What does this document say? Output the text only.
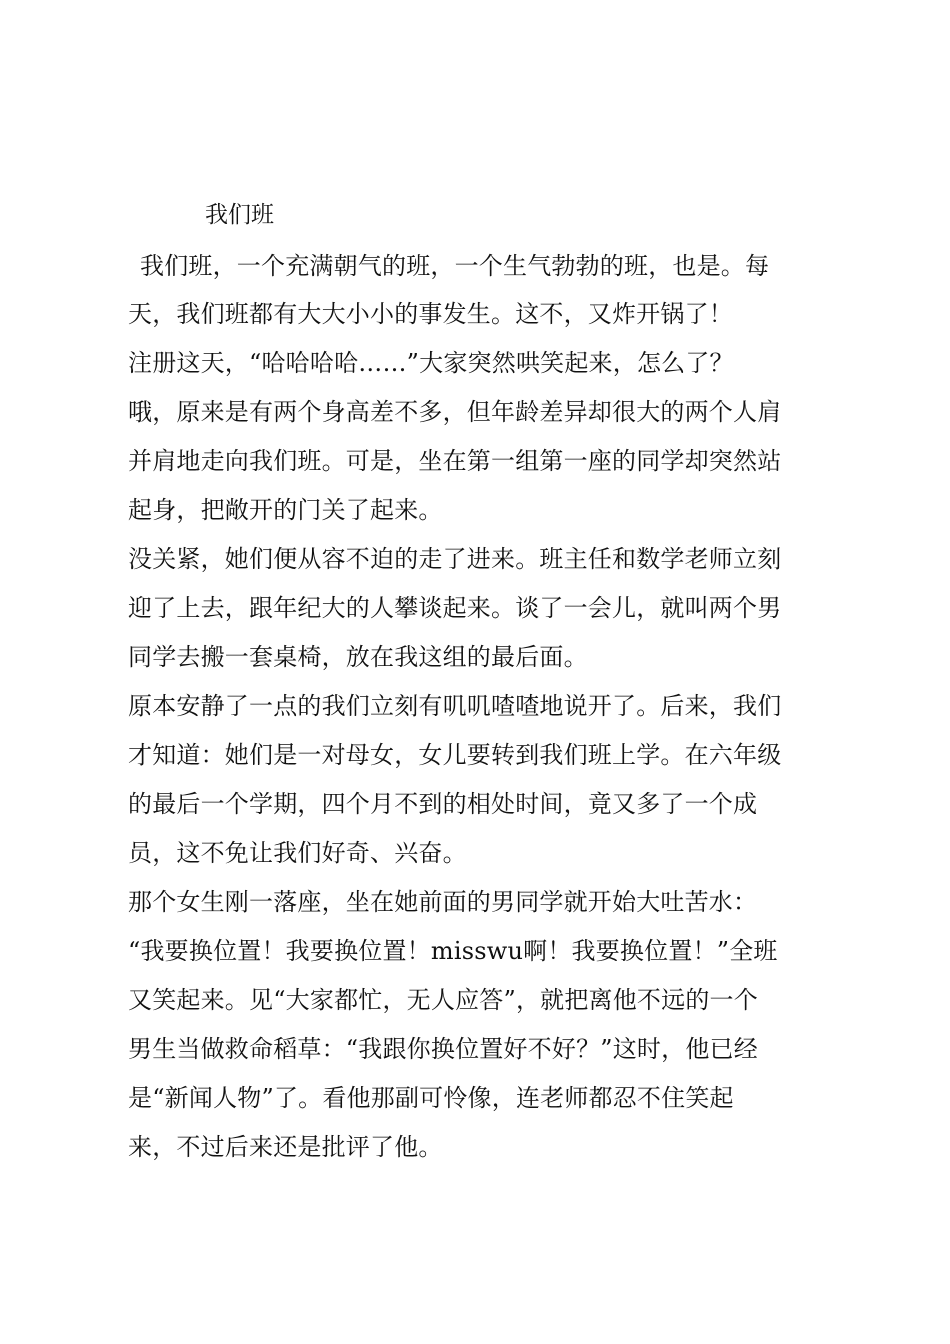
我们班
我们班，一个充满朝气的班，一个生气勃勃的班，也是。每
天，我们班都有大大小小的事发生。这不，又炸开锅了！
注册这天，“哈哈哈哈……”大家突然哄笑起来，怎么了？
哦，原来是有两个身高差不多，但年龄差异却很大的两个人肩
并肩地走向我们班。可是，坐在第一组第一座的同学却突然站
起身，把敞开的门关了起来。
没关紧，她们便从容不迫的走了进来。班主任和数学老师立刻
迎了上去，跟年纪大的人攀谈起来。谈了一会儿，就叫两个男
同学去搬一套桌椅，放在我这组的最后面。
原本安静了一点的我们立刻有叽叽喳喳地说开了。后来，我们
才知道：她们是一对母女，女儿要转到我们班上学。在六年级
的最后一个学期，四个月不到的相处时间，竟又多了一个成
员，这不免让我们好奇、兴奋。
那个女生刚一落座，坐在她前面的男同学就开始大吐苦水：
“我要换位置！我要换位置！misswu啊！我要换位置！”全班
又笑起来。见“大家都忙，无人应答”，就把离他不远的一个
男生当做救命稻草：“我跟你换位置好不好？”这时，他已经
是“新闻人物”了。看他那副可怜像，连老师都忍不住笑起
来，不过后来还是批评了他。
